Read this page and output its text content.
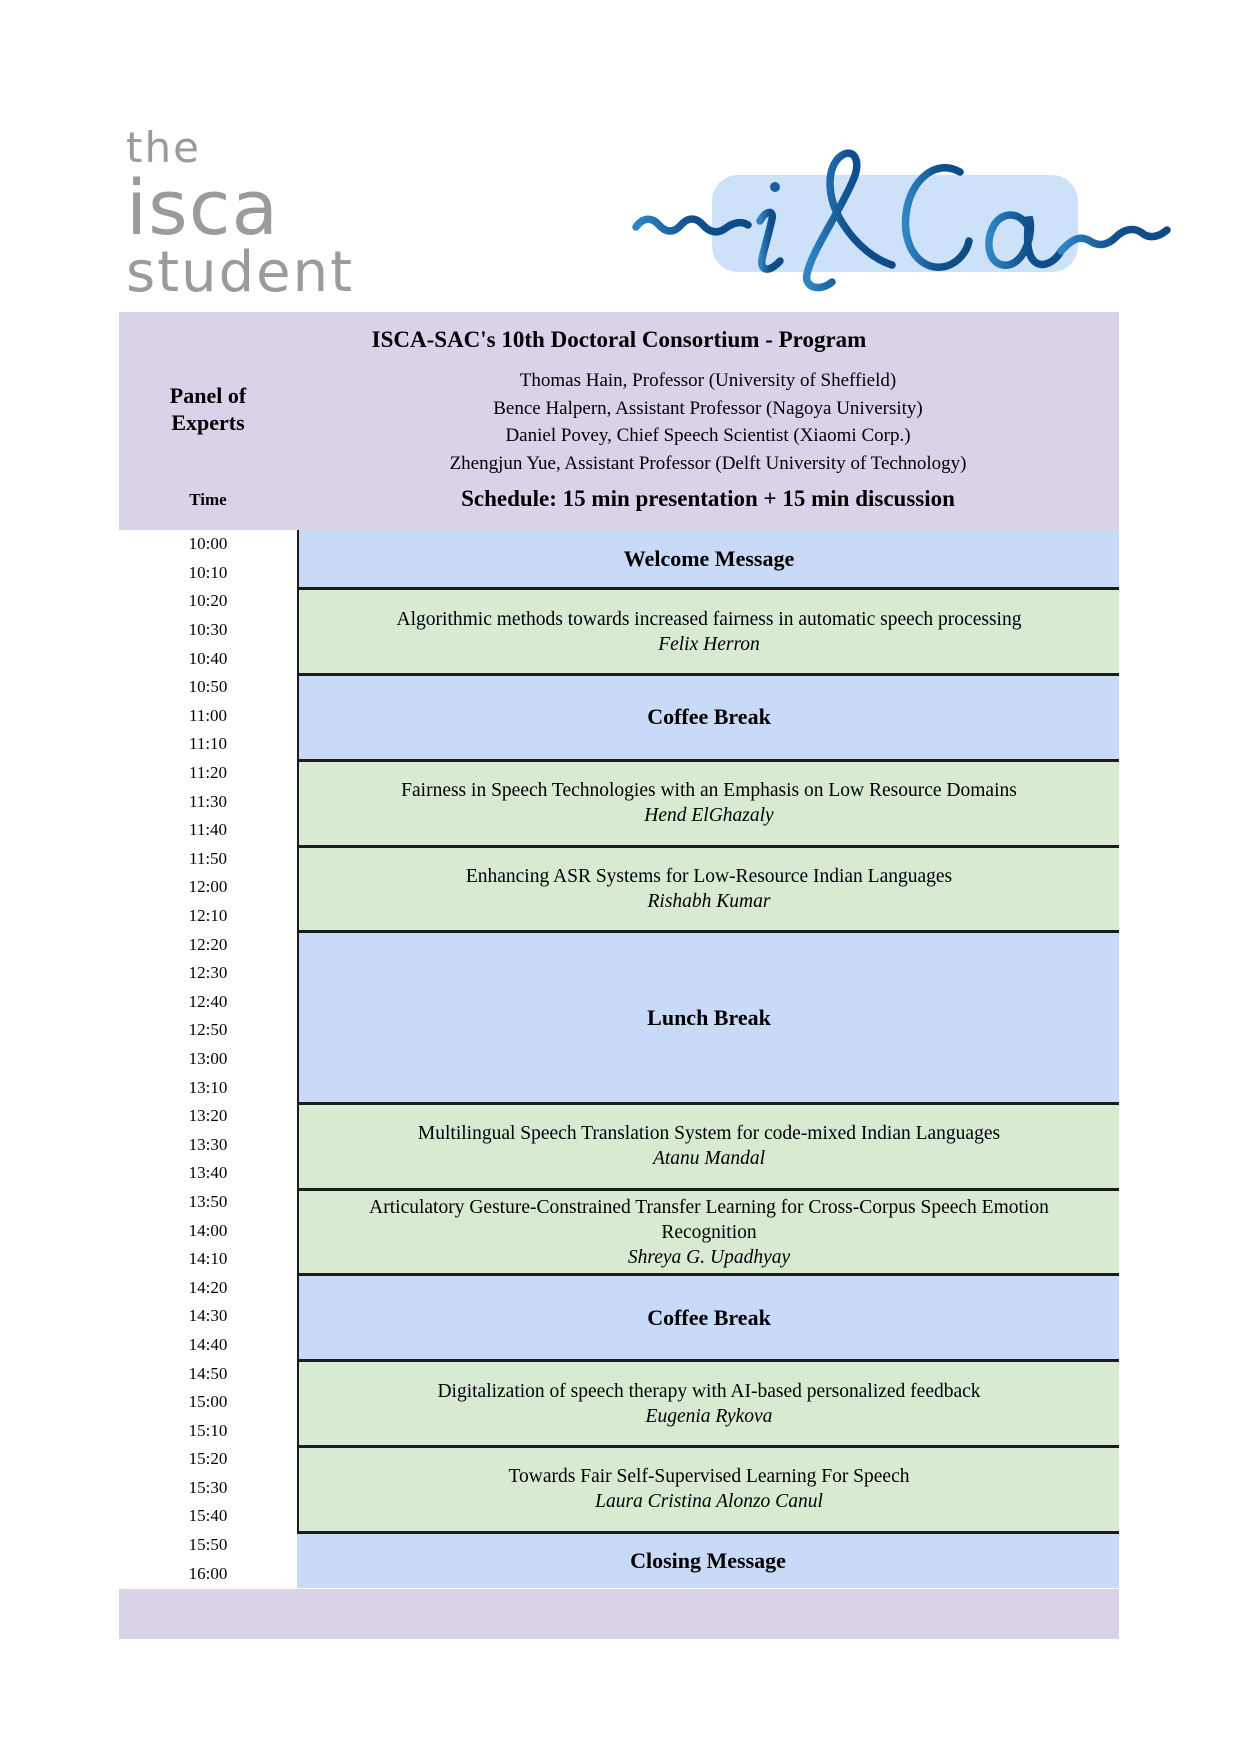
the
isca
student
ISCA-SAC's 10th Doctoral Consortium - Program
Panel of
Experts
Thomas Hain, Professor (University of Sheffield)
Bence Halpern, Assistant Professor (Nagoya University)
Daniel Povey, Chief Speech Scientist (Xiaomi Corp.)
Zhengjun Yue, Assistant Professor (Delft University of Technology)
Time	Schedule: 15 min presentation + 15 min discussion
10:00
10:10
10:20
10:30
10:40
10:50
11:00
11:10
11:20
11:30
11:40
11:50
12:00
12:10
12:20
12:30
12:40
12:50
13:00
13:10
13:20
13:30
13:40
13:50
14:00
14:10
14:20
14:30
14:40
14:50
15:00
15:10
15:20
15:30
15:40
15:50
16:00
Welcome Message
Algorithmic methods towards increased fairness in automatic speech processing
Felix Herron
Coffee Break
Fairness in Speech Technologies with an Emphasis on Low Resource Domains
Hend ElGhazaly
Enhancing ASR Systems for Low-Resource Indian Languages
Rishabh Kumar
Lunch Break
Multilingual Speech Translation System for code-mixed Indian Languages
Atanu Mandal
Articulatory Gesture-Constrained Transfer Learning for Cross-Corpus Speech Emotion Recognition
Shreya G. Upadhyay
Coffee Break
Digitalization of speech therapy with AI-based personalized feedback
Eugenia Rykova
Towards Fair Self-Supervised Learning For Speech
Laura Cristina Alonzo Canul
Closing Message
